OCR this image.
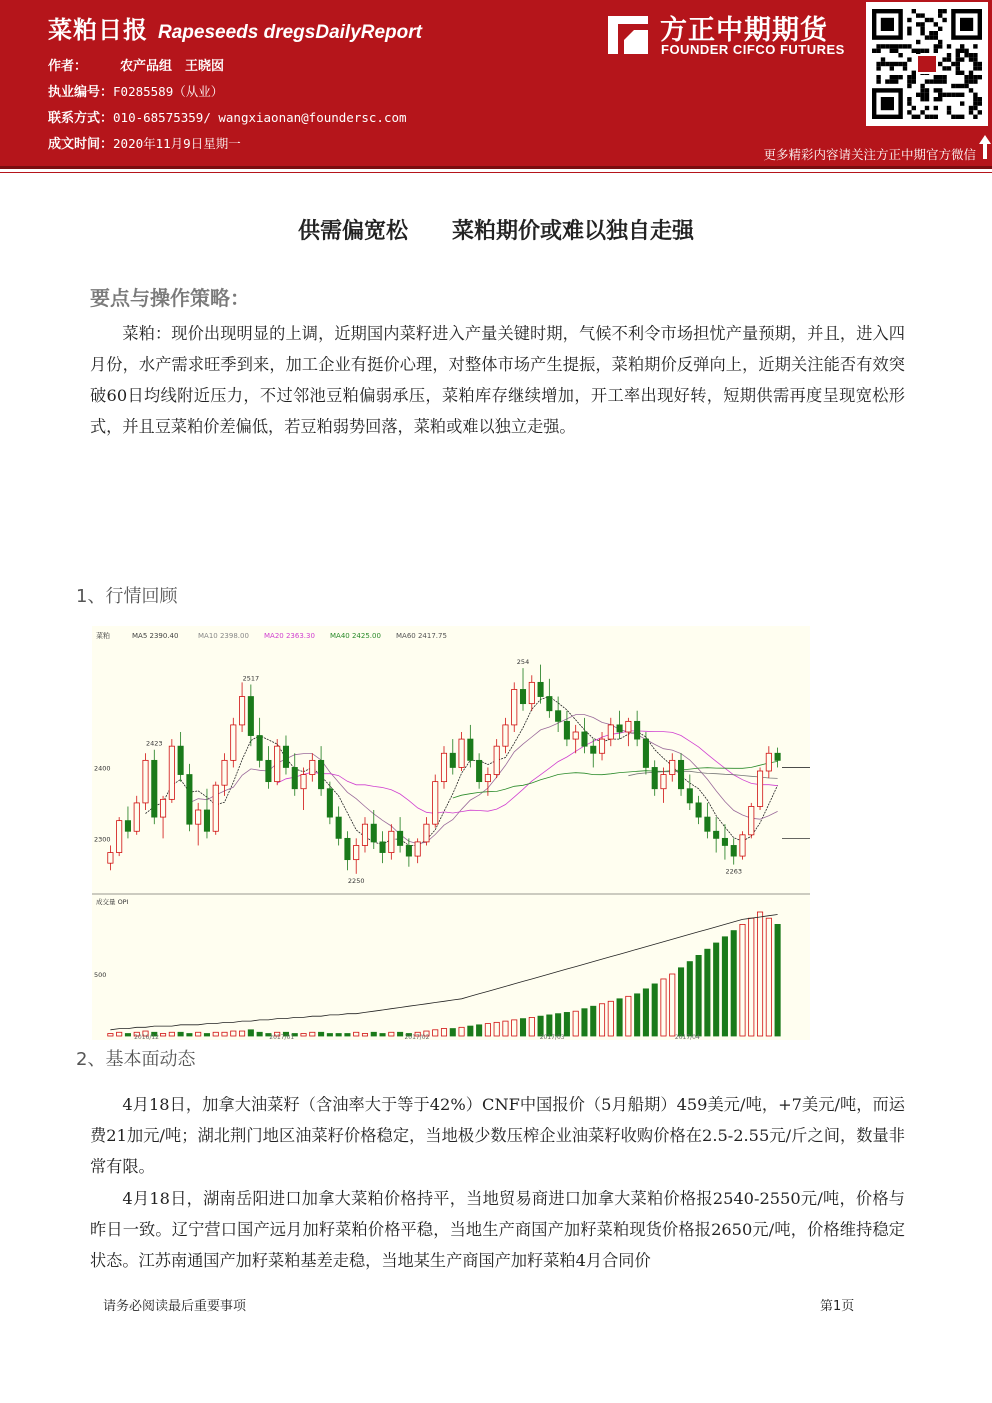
菜粕日报 Rapeseeds dregsDailyReport
作者：	农产品组　王晓囡
执业编号：F0285589（从业）
联系方式：010-68575359/ wangxiaonan@foundersc.com
成文时间：2020年11月9日星期一
方正中期期货
FOUNDER CIFCO FUTURES
更多精彩内容请关注方正中期官方微信
供需偏宽松　　菜粕期价或难以独自走强
要点与操作策略：

菜粕：现价出现明显的上调，近期国内菜籽进入产量关键时期，气候不利令市场担忧产量预期，并且，进入四月份，水产需求旺季到来，加工企业有挺价心理，对整体市场产生提振，菜粕期价反弹向上，近期关注能否有效突破60日均线附近压力，不过邻池豆粕偏弱承压，菜粕库存继续增加，开工率出现好转，短期供需再度呈现宽松形式，并且豆菜粕价差偏低，若豆粕弱势回落，菜粕或难以独立走强。

1、行情回顾
菜粕	MA5 2390.40	MA10 2398.00 MA20 2363.30 MA40 2425.00 MA60 2417.75
2400
2300
2517
254
2250
2263
2423
成交量 OPI
500
2016/12	2017/01	2017/02	2017/03	2017/04
2、基本面动态

4月18日，加拿大油菜籽（含油率大于等于42%）CNF中国报价（5月船期）459美元/吨，+7美元/吨，而运费21加元/吨；湖北荆门地区油菜籽价格稳定，当地极少数压榨企业油菜籽收购价格在2.5-2.55元/斤之间，数量非常有限。

4月18日，湖南岳阳进口加拿大菜粕价格持平，当地贸易商进口加拿大菜粕价格报2540-2550元/吨，价格与昨日一致。辽宁营口国产远月加籽菜粕价格平稳，当地生产商国产加籽菜粕现货价格报2650元/吨，价格维持稳定状态。江苏南通国产加籽菜粕基差走稳，当地某生产商国产加籽菜粕4月合同价

请务必阅读最后重要事项	第1页
